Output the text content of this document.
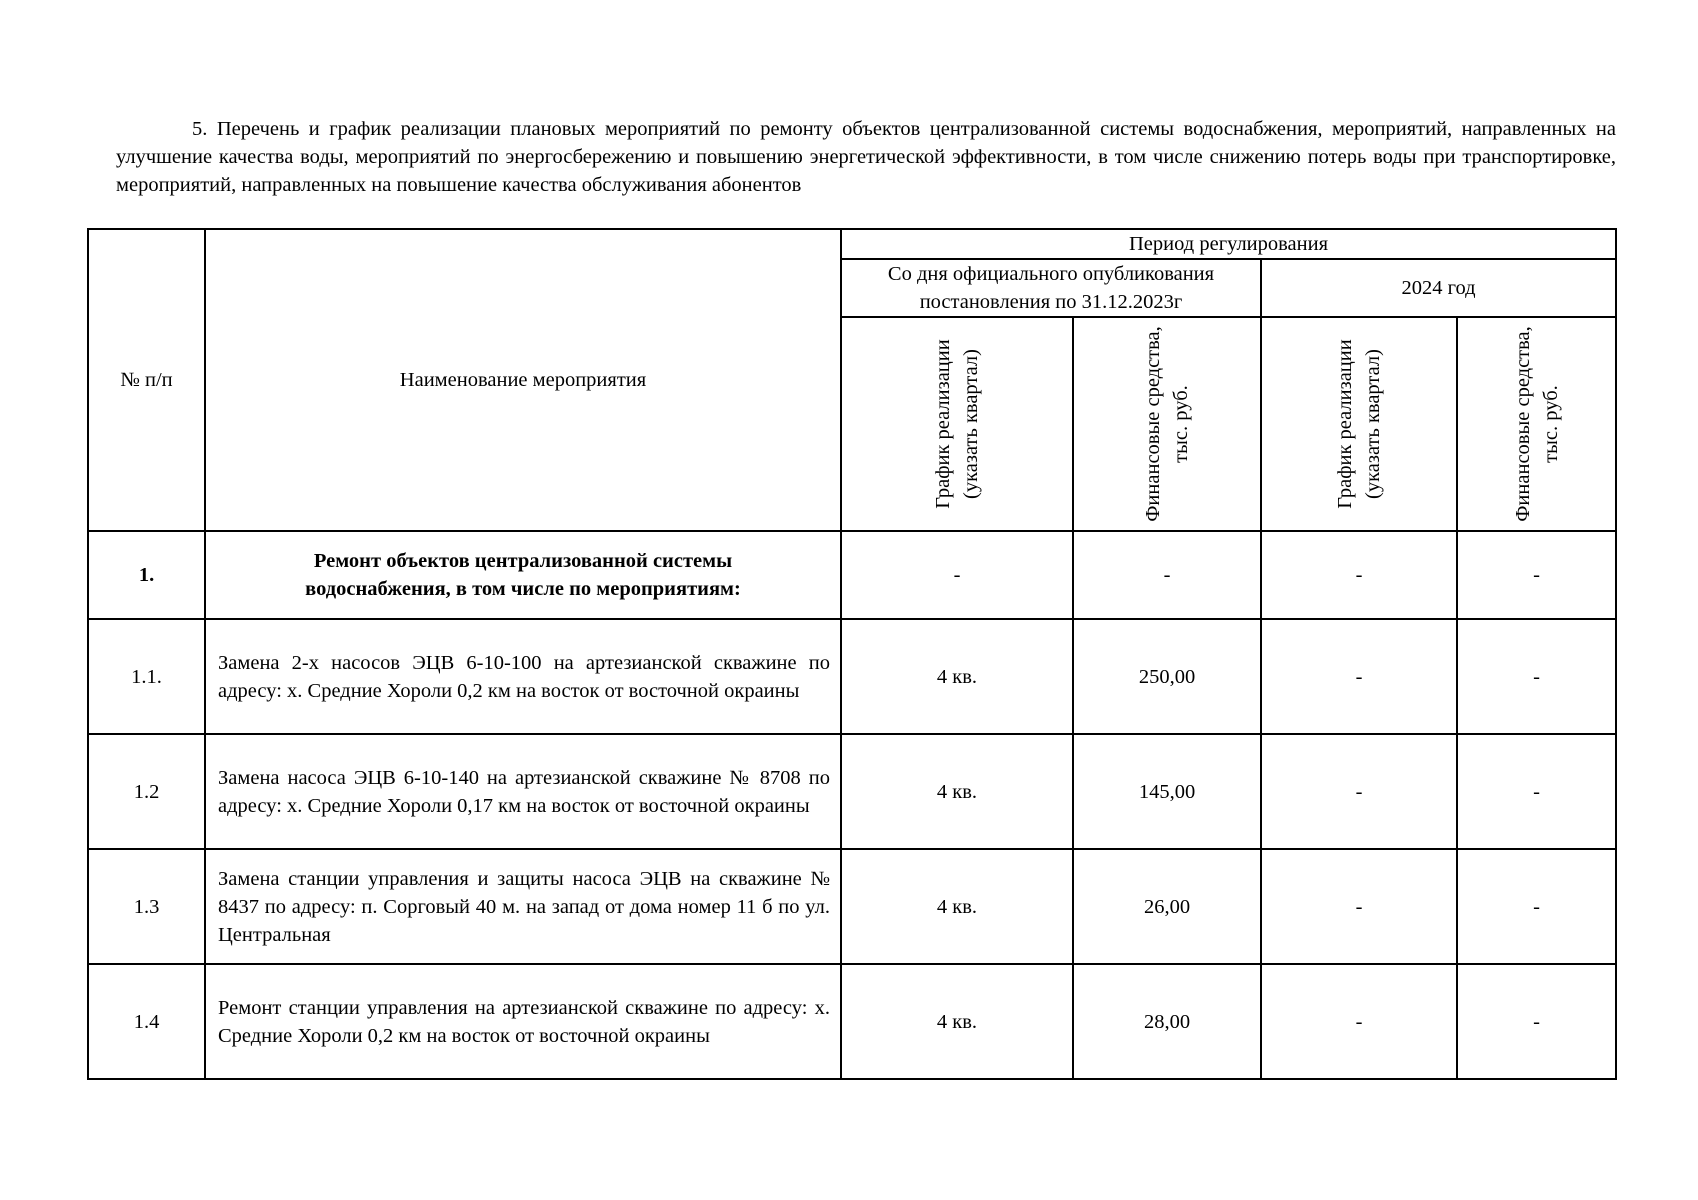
5. Перечень и график реализации плановых мероприятий по ремонту объектов централизованной системы водоснабжения, мероприятий, направленных на улучшение качества воды, мероприятий по энергосбережению и повышению энергетической эффективности, в том числе снижению потерь воды при транспортировке, мероприятий, направленных на повышение качества обслуживания абонентов

№ п/п	Наименование мероприятия	Период регулирования			
		Со дня официального опубликования постановления по 31.12.2023г		2024 год	

		График реализации (указать квартал)	Финансовые средства, тыс. руб.	График реализации (указать квартал)	Финансовые средства, тыс. руб.

1.	Ремонт объектов централизованной системы водоснабжения, в том числе по мероприятиям:	-	-	-	-
1.1.	Замена 2-х насосов ЭЦВ 6-10-100 на артезианской скважине по адресу: х. Средние Хороли 0,2 км на восток от восточной окраины	4 кв.	250,00	-	-
1.2	Замена насоса ЭЦВ 6-10-140 на артезианской скважине № 8708 по адресу: х. Средние Хороли 0,17 км на восток от восточной окраины	4 кв.	145,00	-	-
1.3	Замена станции управления и защиты насоса ЭЦВ на скважине № 8437 по адресу: п. Сорговый 40 м. на запад от дома номер 11 б по ул. Центральная	4 кв.	26,00	-	-
1.4	Ремонт станции управления на артезианской скважине по адресу: х. Средние Хороли 0,2 км на восток от восточной окраины	4 кв.	28,00	-	-
